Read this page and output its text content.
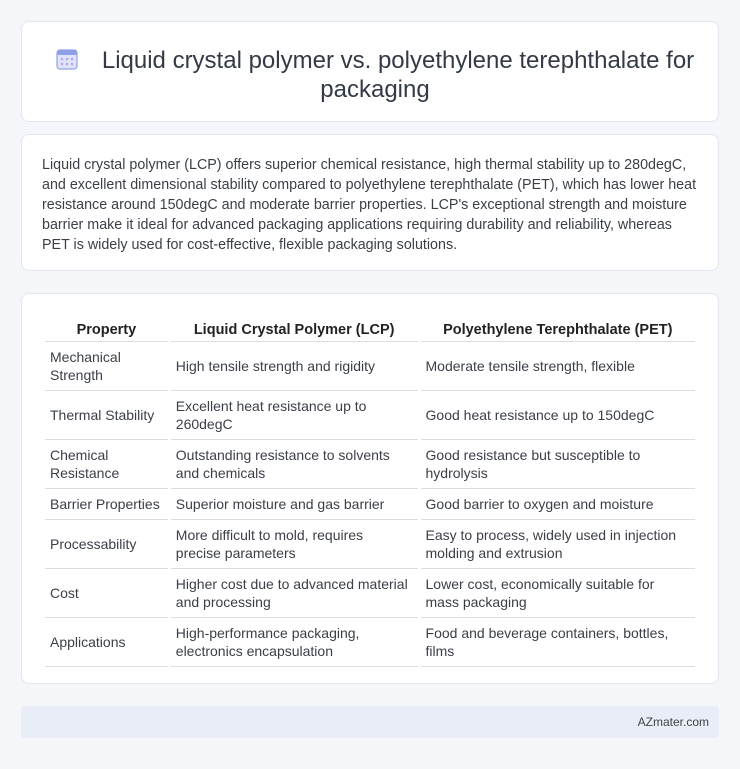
Liquid crystal polymer vs. polyethylene terephthalate for packaging

Liquid crystal polymer (LCP) offers superior chemical resistance, high thermal stability up to 280degC, and excellent dimensional stability compared to polyethylene terephthalate (PET), which has lower heat resistance around 150degC and moderate barrier properties. LCP's exceptional strength and moisture barrier make it ideal for advanced packaging applications requiring durability and reliability, whereas PET is widely used for cost-effective, flexible packaging solutions.

Property	Liquid Crystal Polymer (LCP)	Polyethylene Terephthalate (PET)
Mechanical Strength	High tensile strength and rigidity	Moderate tensile strength, flexible
Thermal Stability	Excellent heat resistance up to 260degC	Good heat resistance up to 150degC
Chemical Resistance	Outstanding resistance to solvents and chemicals	Good resistance but susceptible to hydrolysis
Barrier Properties	Superior moisture and gas barrier	Good barrier to oxygen and moisture
Processability	More difficult to mold, requires precise parameters	Easy to process, widely used in injection molding and extrusion
Cost	Higher cost due to advanced material and processing	Lower cost, economically suitable for mass packaging
Applications	High-performance packaging, electronics encapsulation	Food and beverage containers, bottles, films
AZmater.com
